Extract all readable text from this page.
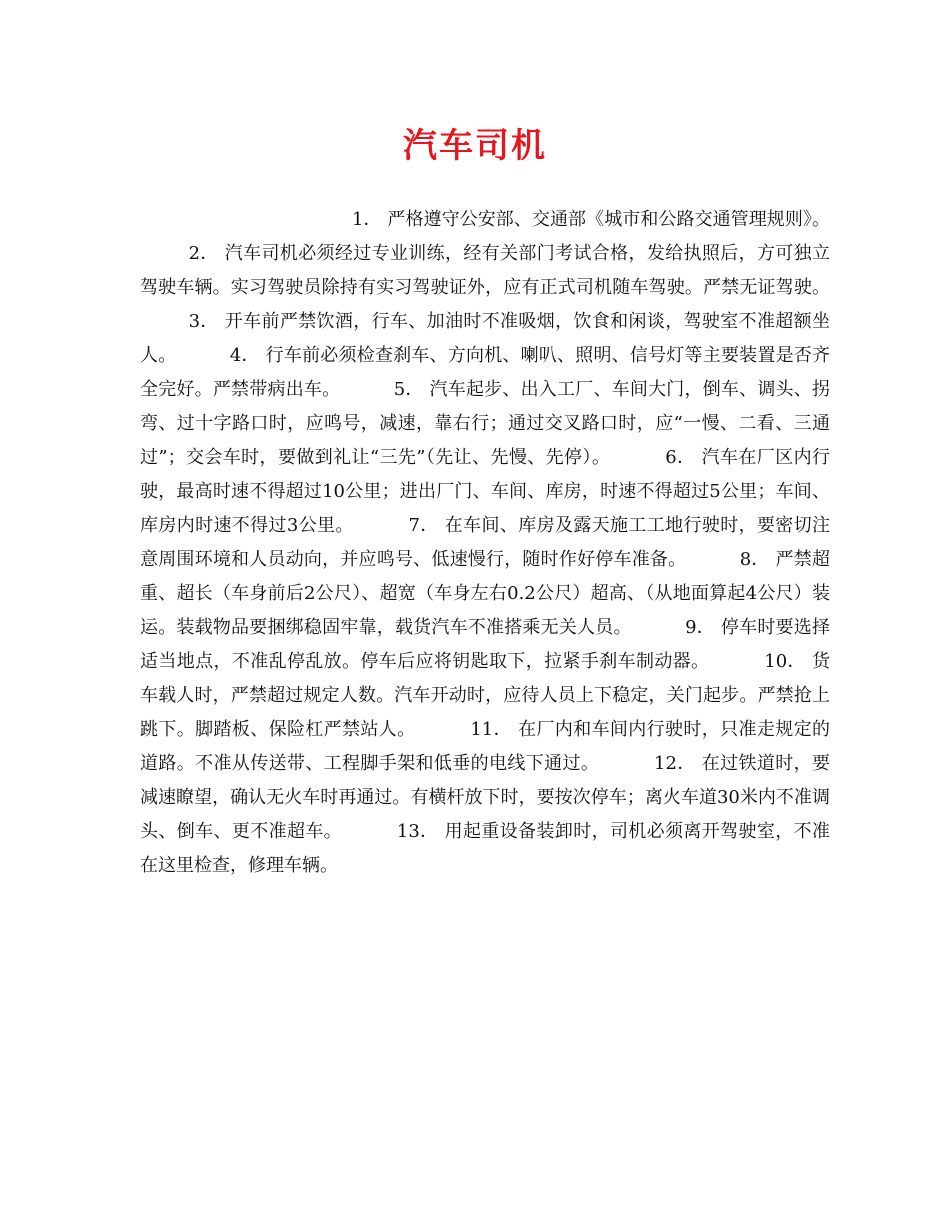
汽车司机

1． 严格遵守公安部、交通部《城市和公路交通管理规则》。 2． 汽车司机必须经过专业训练，经有关部门考试合格，发给执照后，方可独立驾驶车辆。实习驾驶员除持有实习驾驶证外，应有正式司机随车驾驶。严禁无证驾驶。 3． 开车前严禁饮酒，行车、加油时不准吸烟，饮食和闲谈，驾驶室不准超额坐人。	4． 行车前必须检查刹车、方向机、喇叭、照明、信号灯等主要装置是否齐全完好。严禁带病出车。	5． 汽车起步、出入工厂、车间大门，倒车、调头、拐弯、过十字路口时，应鸣号，减速，靠右行；通过交叉路口时，应“一慢、二看、三通过”；交会车时，要做到礼让“三先”（先让、先慢、先停）。	6． 汽车在厂区内行驶，最高时速不得超过10公里；进出厂门、车间、库房，时速不得超过5公里；车间、库房内时速不得过3公里。	7． 在车间、库房及露天施工工地行驶时，要密切注意周围环境和人员动向，并应鸣号、低速慢行，随时作好停车准备。	8． 严禁超重、超长（车身前后2公尺）、超宽（车身左右0.2公尺）超高、（从地面算起4公尺）装运。装载物品要捆绑稳固牢靠，载货汽车不准搭乘无关人员。	9． 停车时要选择适当地点，不准乱停乱放。停车后应将钥匙取下，拉紧手刹车制动器。	10． 货车载人时，严禁超过规定人数。汽车开动时，应待人员上下稳定，关门起步。严禁抢上跳下。脚踏板、保险杠严禁站人。	11． 在厂内和车间内行驶时，只准走规定的道路。不准从传送带、工程脚手架和低垂的电线下通过。	12． 在过铁道时，要减速瞭望，确认无火车时再通过。有横杆放下时，要按次停车；离火车道30米内不准调头、倒车、更不准超车。	13． 用起重设备装卸时，司机必须离开驾驶室，不准在这里检查，修理车辆。
